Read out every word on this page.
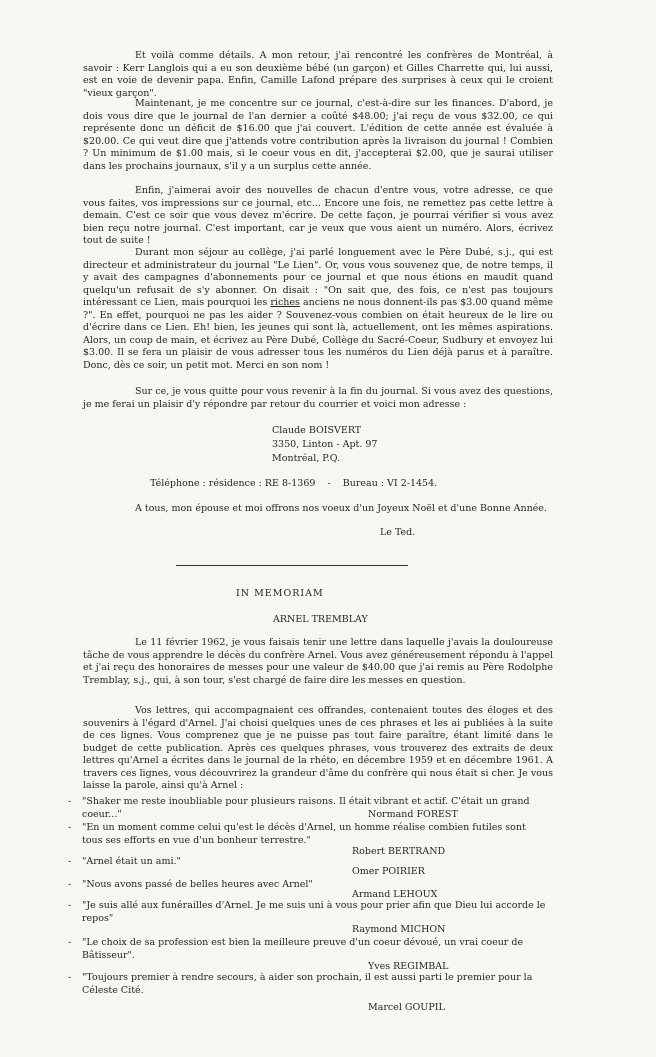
Et voilà comme détails. A mon retour, j'ai rencontré les confrères de Montréal, à savoir : Kerr Langlois qui a eu son deuxième bébé (un garçon) et Gilles Charrette qui, lui aussi, est en voie de devenir papa. Enfin, Camille Lafond prépare des surprises à ceux qui le croient "vieux garçon".

Maintenant, je me concentre sur ce journal, c'est-à-dire sur les finances. D'abord, je dois vous dire que le journal de l'an dernier a coûté $48.00; j'ai reçu de vous $32.00, ce qui représente donc un déficit de $16.00 que j'ai couvert. L'édition de cette année est évaluée à $20.00. Ce qui veut dire que j'attends votre contribution après la livraison du journal ! Combien ? Un minimum de $1.00 mais, si le coeur vous en dit, j'accepterai $2.00, que je saurai utiliser dans les prochains journaux, s'il y a un surplus cette année.

Enfin, j'aimerai avoir des nouvelles de chacun d'entre vous, votre adresse, ce que vous faites, vos impressions sur ce journal, etc... Encore une fois, ne remettez pas cette lettre à demain. C'est ce soir que vous devez m'écrire. De cette façon, je pourrai vérifier si vous avez bien reçu notre journal. C'est important, car je veux que vous aient un numéro. Alors, écrivez tout de suite !

Durant mon séjour au collège, j'ai parlé longuement avec le Père Dubé, s.j., qui est directeur et administrateur du journal "Le Lien". Or, vous vous souvenez que, de notre temps, il y avait des campagnes d'abonnements pour ce journal et que nous étions en maudit quand quelqu'un refusait de s'y abonner. On disait : "On sait que, des fois, ce n'est pas toujours intéressant ce Lien, mais pourquoi les riches anciens ne nous donnent-ils pas $3.00 quand même ?". En effet, pourquoi ne pas les aider ? Souvenez-vous combien on était heureux de le lire ou d'écrire dans ce Lien. Eh! bien, les jeunes qui sont là, actuellement, ont les mêmes aspirations. Alors, un coup de main, et écrivez au Père Dubé, Collège du Sacré-Coeur, Sudbury et envoyez lui $3.00. Il se fera un plaisir de vous adresser tous les numéros du Lien déjà parus et à paraître. Donc, dès ce soir, un petit mot. Merci en son nom !

Sur ce, je vous quitte pour vous revenir à la fin du journal. Si vous avez des questions, je me ferai un plaisir d'y répondre par retour du courrier et voici mon adresse :

Claude BOISVERT

3350, Linton - Apt. 97

Montréal, P.Q.

Téléphone : résidence : RE 8-1369    -    Bureau : VI 2-1454.

A tous, mon épouse et moi offrons nos voeux d'un Joyeux Noël et d'une Bonne Année.

Le Ted.

IN MEMORIAM

ARNEL TREMBLAY

Le 11 février 1962, je vous faisais tenir une lettre dans laquelle j'avais la douloureuse tâche de vous apprendre le décès du confrère Arnel. Vous avez généreusement répondu à l'appel et j'ai reçu des honoraires de messes pour une valeur de $40.00 que j'ai remis au Père Rodolphe Tremblay, s.j., qui, à son tour, s'est chargé de faire dire les messes en question.

Vos lettres, qui accompagnaient ces offrandes, contenaient toutes des éloges et des souvenirs à l'égard d'Arnel. J'ai choisi quelques unes de ces phrases et les ai publiées à la suite de ces lignes. Vous comprenez que je ne puisse pas tout faire paraître, étant limité dans le budget de cette publication. Après ces quelques phrases, vous trouverez des extraits de deux lettres qu'Arnel a écrites dans le journal de la rhéto, en décembre 1959 et en décembre 1961. A travers ces lignes, vous découvrirez la grandeur d'âme du confrère qui nous était si cher. Je vous laisse la parole, ainsi qu'à Arnel :

-	"Shaker me reste inoubliable pour plusieurs raisons. Il était vibrant et actif. C'était un grand coeur..."	Normand FOREST

-	"En un moment comme celui qu'est le décès d'Arnel, un homme réalise combien futiles sont tous ses efforts en vue d'un bonheur terrestre."

Robert BERTRAND

-	"Arnel était un ami."

Omer POIRIER

-	"Nous avons passé de belles heures avec Arnel"

Armand LEHOUX

-	"Je suis allé aux funérailles d'Arnel. Je me suis uni à vous pour prier afin que Dieu lui accorde le repos"

Raymond MICHON

-	"Le choix de sa profession est bien la meilleure preuve d'un coeur dévoué, un vrai coeur de Bâtisseur".

Yves REGIMBAL

-	"Toujours premier à rendre secours, à aider son prochain, il est aussi parti le premier pour la Céleste Cité.

Marcel GOUPIL
